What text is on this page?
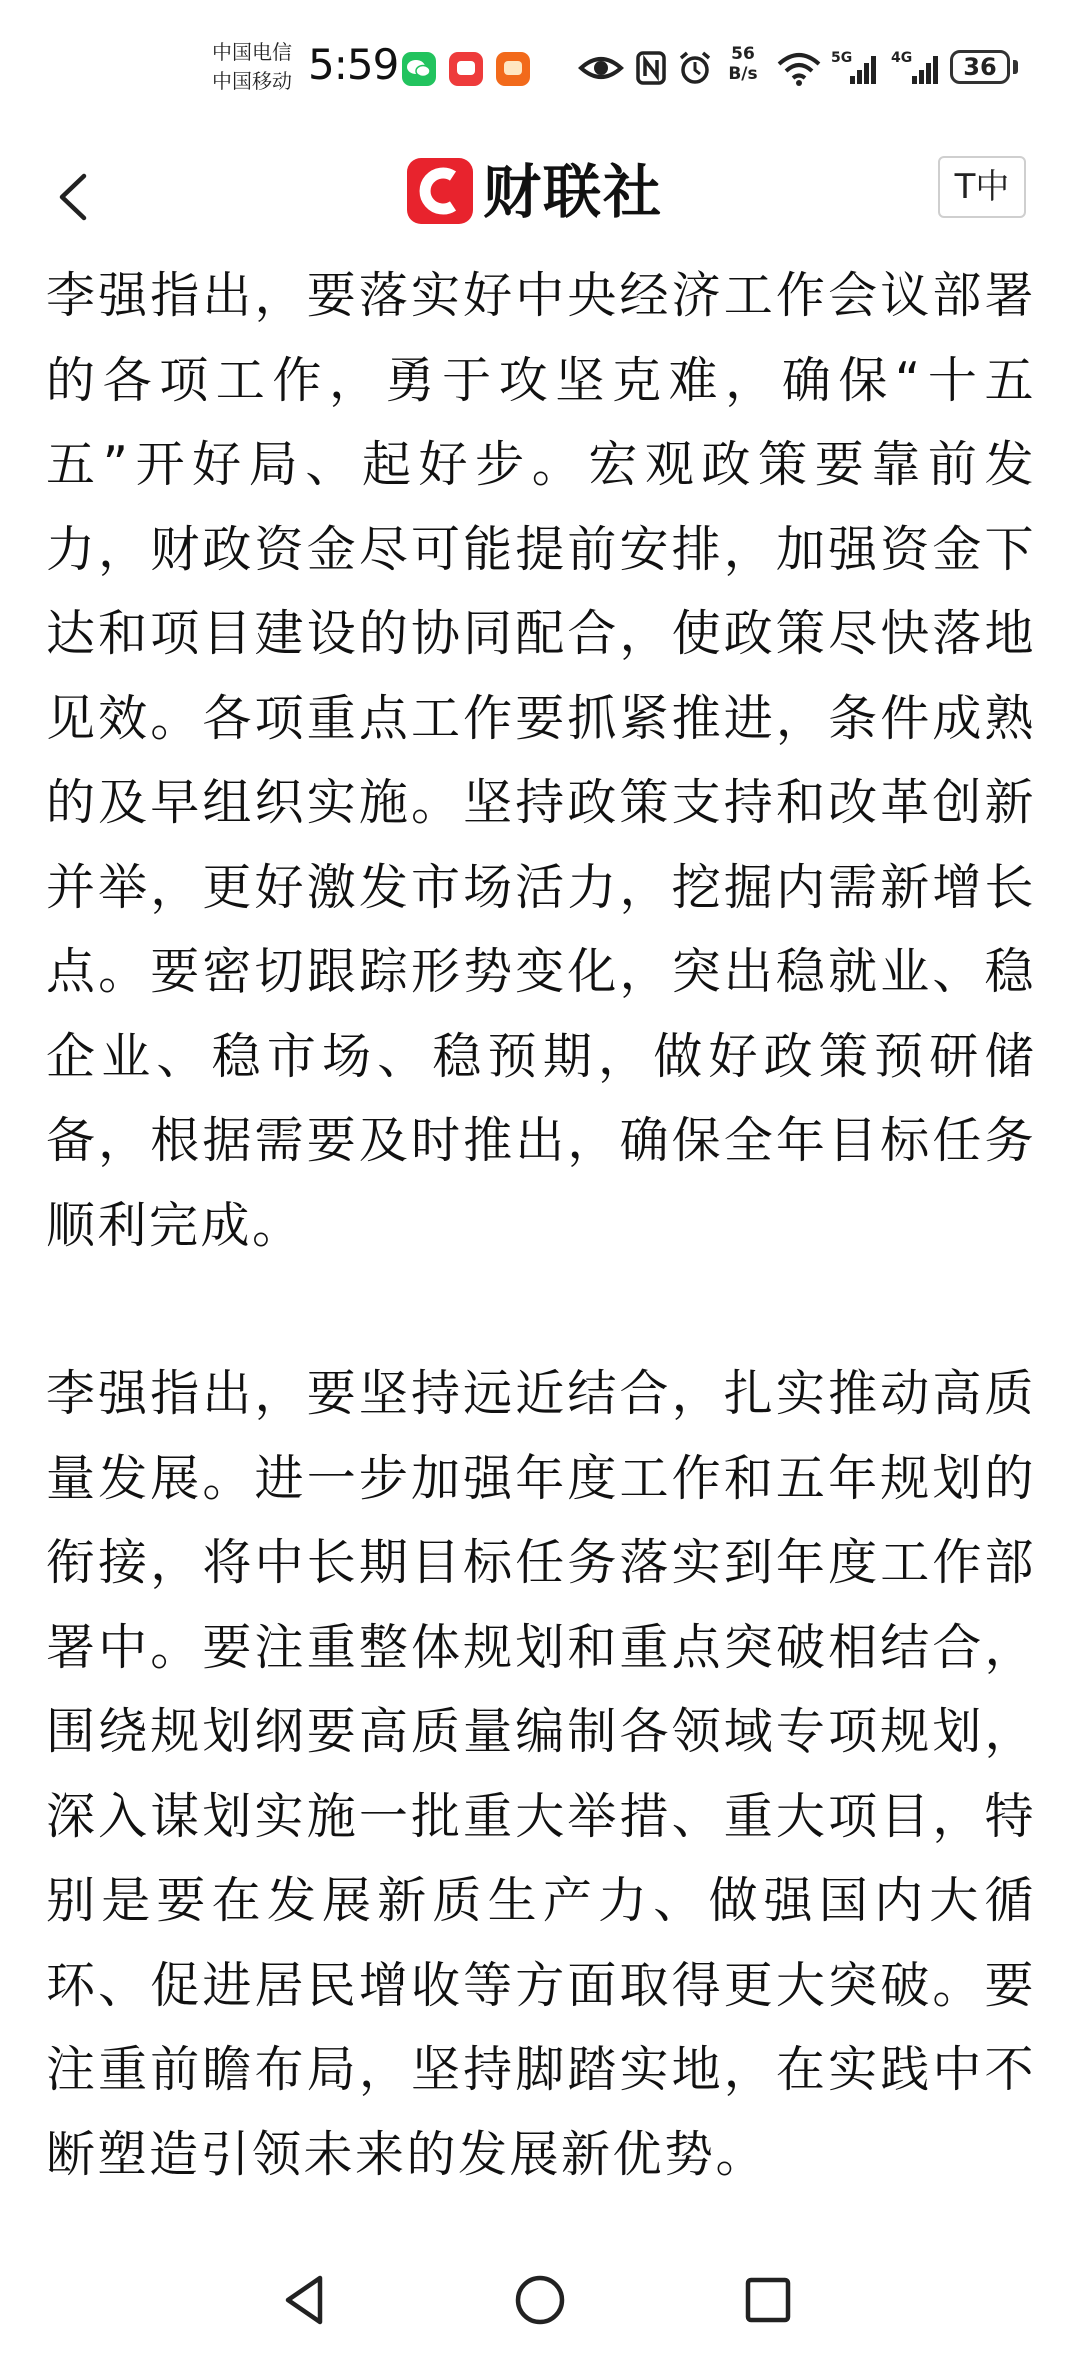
中国电信
中国移动 5:59	56
B/s
5G	4G	36
财联社	T中

李强指出，要落实好中央经济工作会议部署的各项工作，勇于攻坚克难，确保“十五五”开好局、起好步。宏观政策要靠前发力，财政资金尽可能提前安排，加强资金下达和项目建设的协同配合，使政策尽快落地见效。各项重点工作要抓紧推进，条件成熟的及早组织实施。坚持政策支持和改革创新并举，更好激发市场活力，挖掘内需新增长点。要密切跟踪形势变化，突出稳就业、稳企业、稳市场、稳预期，做好政策预研储备，根据需要及时推出，确保全年目标任务顺利完成。

李强指出，要坚持远近结合，扎实推动高质量发展。进一步加强年度工作和五年规划的衔接，将中长期目标任务落实到年度工作部署中。要注重整体规划和重点突破相结合，围绕规划纲要高质量编制各领域专项规划，深入谋划实施一批重大举措、重大项目，特别是要在发展新质生产力、做强国内大循环、促进居民增收等方面取得更大突破。要注重前瞻布局，坚持脚踏实地，在实践中不断塑造引领未来的发展新优势。
